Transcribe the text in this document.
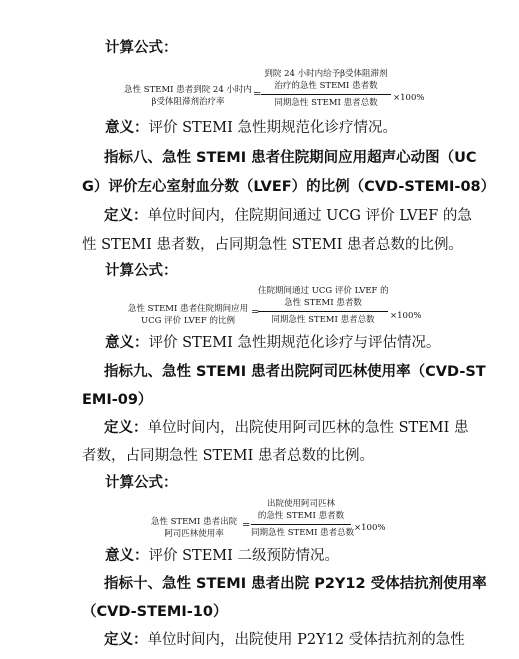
计算公式：
急性 STEMI 患者到院 24 小时内
β受体阻滞剂治疗率
=
到院 24 小时内给予β受体阻滞剂
治疗的急性 STEMI 患者数
同期急性 STEMI 患者总数	×100%
意义：评价 STEMI 急性期规范化诊疗情况。
指标八、急性 STEMI 患者住院期间应用超声心动图（UC
G）评价左心室射血分数（LVEF）的比例（CVD-STEMI-08）
定义：单位时间内，住院期间通过 UCG 评价 LVEF 的急
性 STEMI 患者数，占同期急性 STEMI 患者总数的比例。
计算公式：
急性 STEMI 患者住院期间应用
UCG 评价 LVEF 的比例
=
住院期间通过 UCG 评价 LVEF 的
急性 STEMI 患者数
同期急性 STEMI 患者总数	×100%
意义：评价 STEMI 急性期规范化诊疗与评估情况。
指标九、急性 STEMI 患者出院阿司匹林使用率（CVD-ST
EMI-09）
定义：单位时间内，出院使用阿司匹林的急性 STEMI 患
者数，占同期急性 STEMI 患者总数的比例。
计算公式：
急性 STEMI 患者出院
阿司匹林使用率
=
出院使用阿司匹林
的急性 STEMI 患者数
同期急性 STEMI 患者总数 ×100%
意义：评价 STEMI 二级预防情况。
指标十、急性 STEMI 患者出院 P2Y12 受体拮抗剂使用率
（CVD-STEMI-10）
定义：单位时间内，出院使用 P2Y12 受体拮抗剂的急性
